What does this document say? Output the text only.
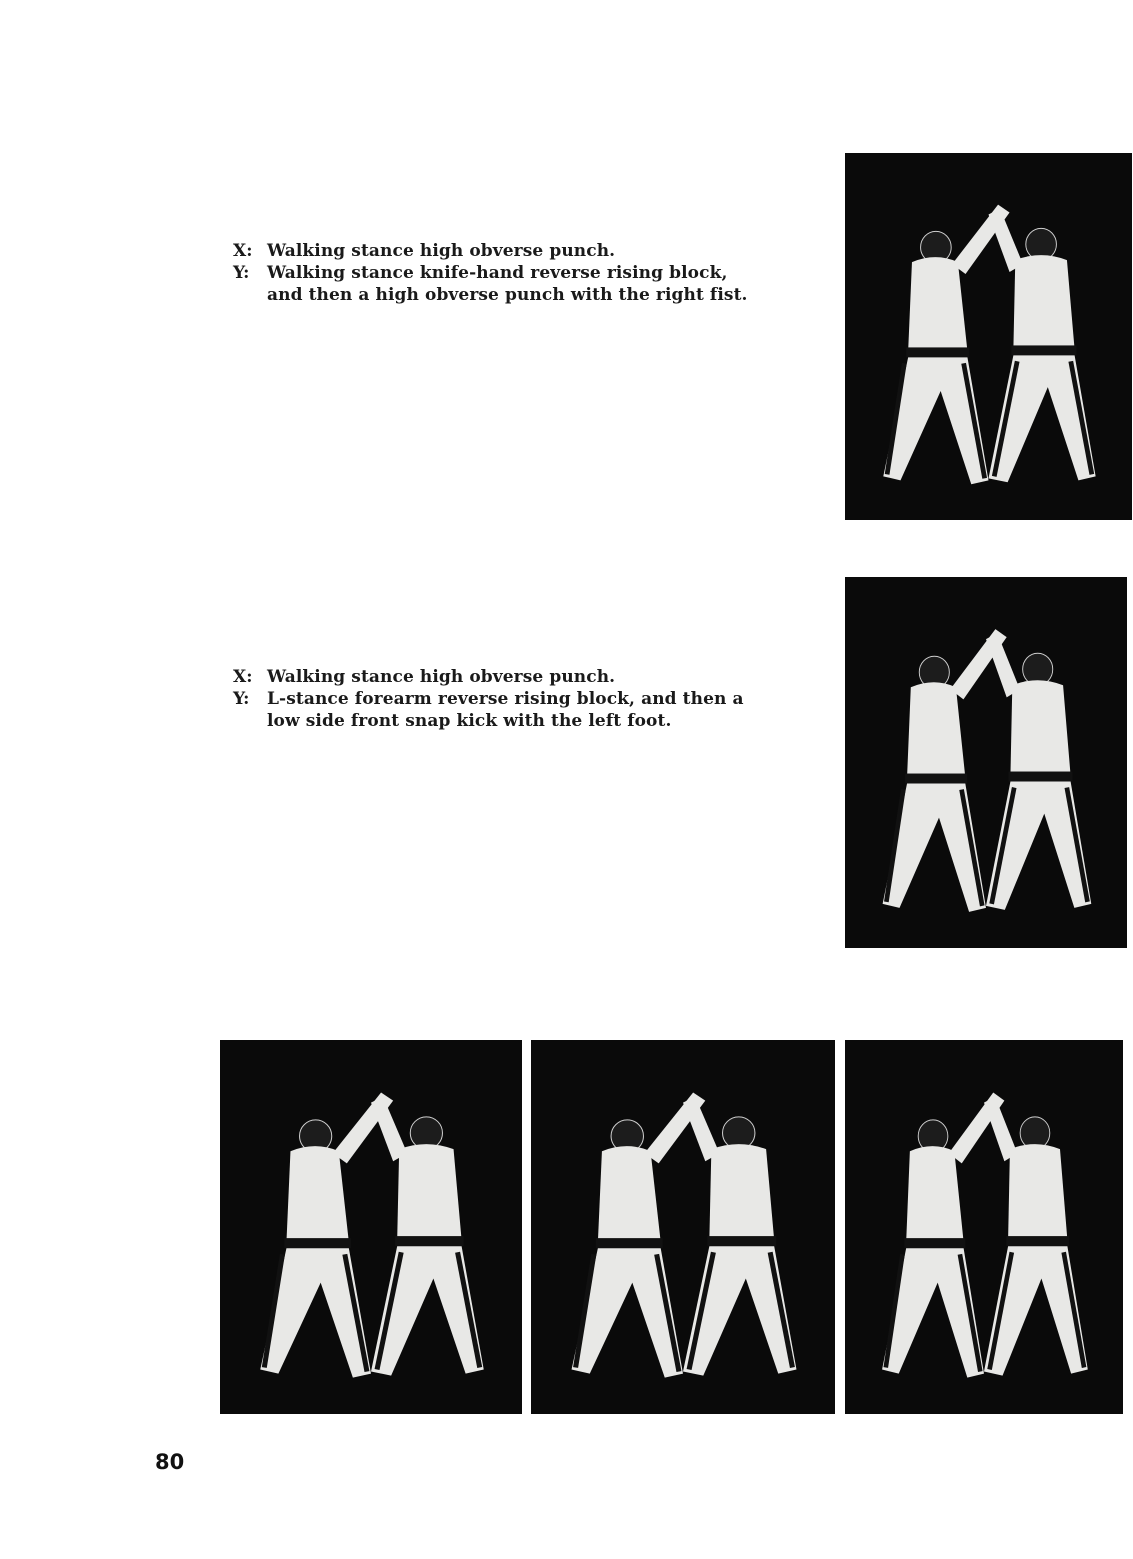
X: Walking stance high obverse punch.
Y: Walking stance knife-hand reverse rising block,
and then a high obverse punch with the right fist.
X: Walking stance high obverse punch.
Y: L-stance forearm reverse rising block, and then a
low side front snap kick with the left foot.
80
